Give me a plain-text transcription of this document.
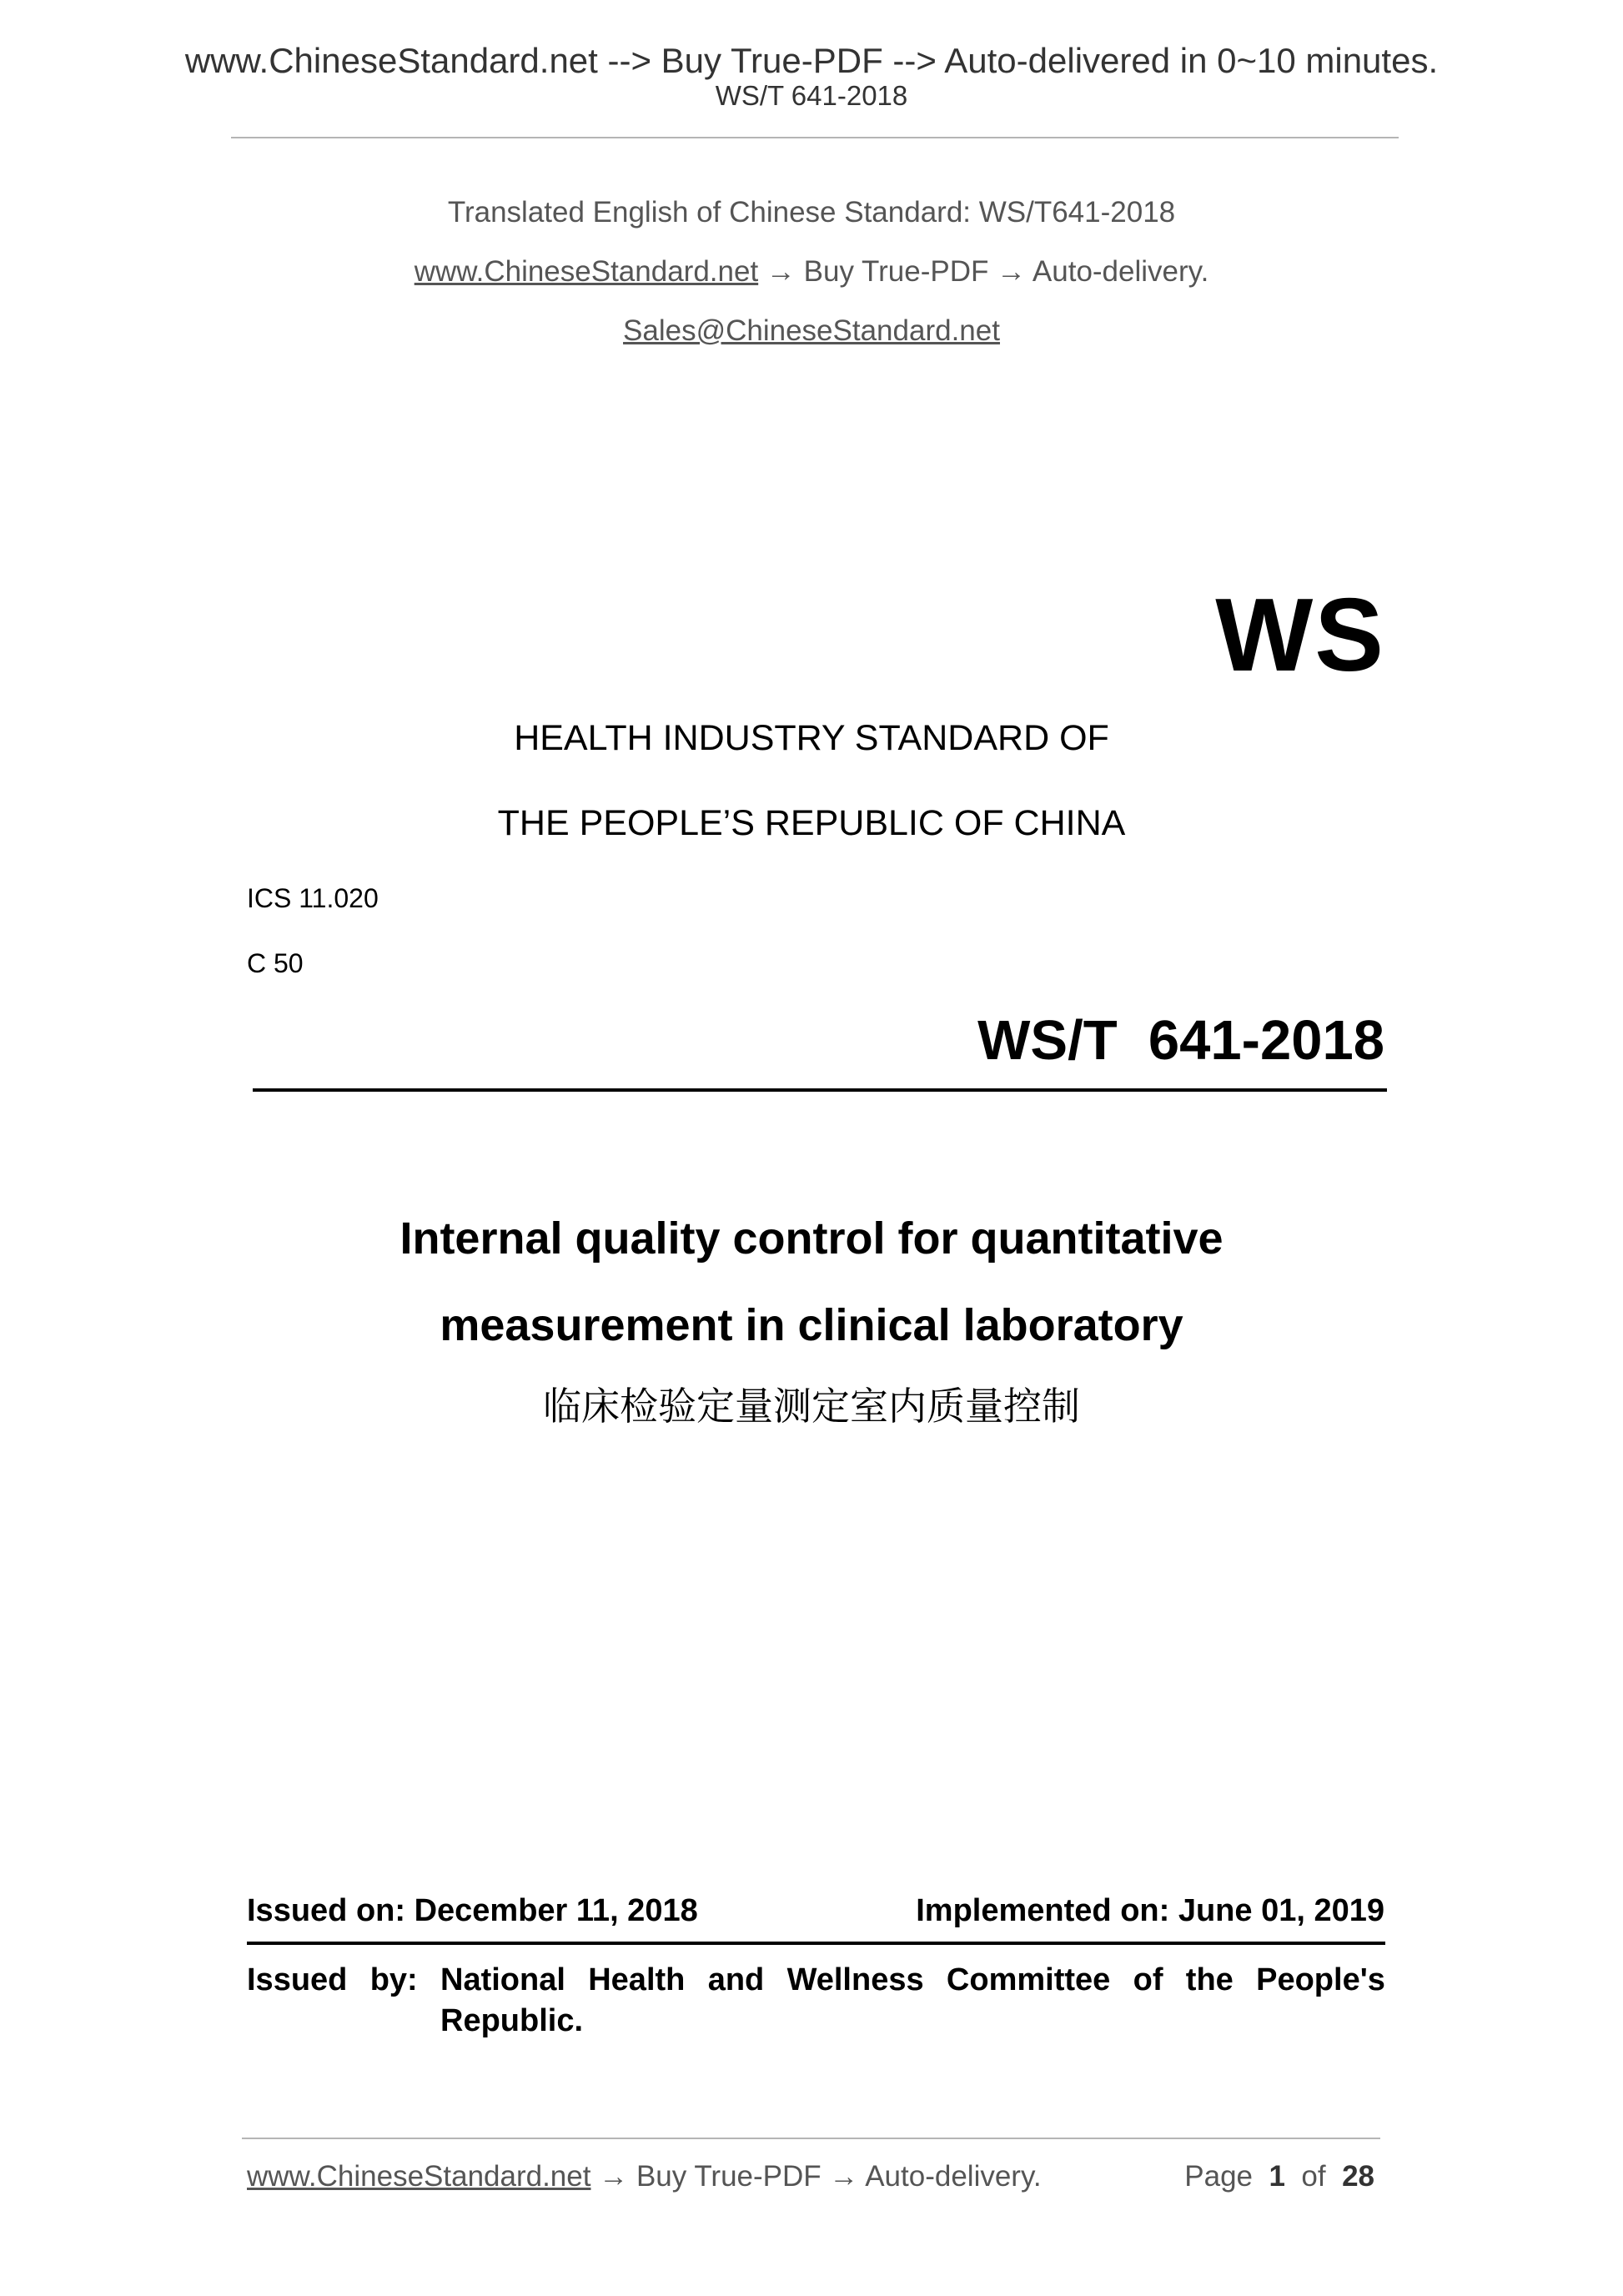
www.ChineseStandard.net --> Buy True-PDF --> Auto-delivered in 0~10 minutes.
WS/T 641-2018
Translated English of Chinese Standard: WS/T641-2018
www.ChineseStandard.net → Buy True-PDF → Auto-delivery.
Sales@ChineseStandard.net
WS
HEALTH INDUSTRY STANDARD OF
THE PEOPLE’S REPUBLIC OF CHINA
ICS 11.020
C 50
WS/T  641-2018
Internal quality control for quantitative
measurement in clinical laboratory
临床检验定量测定室内质量控制
Issued on: December 11, 2018	Implemented on: June 01, 2019
Issued by: National Health and Wellness Committee of the People's
Republic.
www.ChineseStandard.net → Buy True-PDF → Auto-delivery.	Page 1 of 28
